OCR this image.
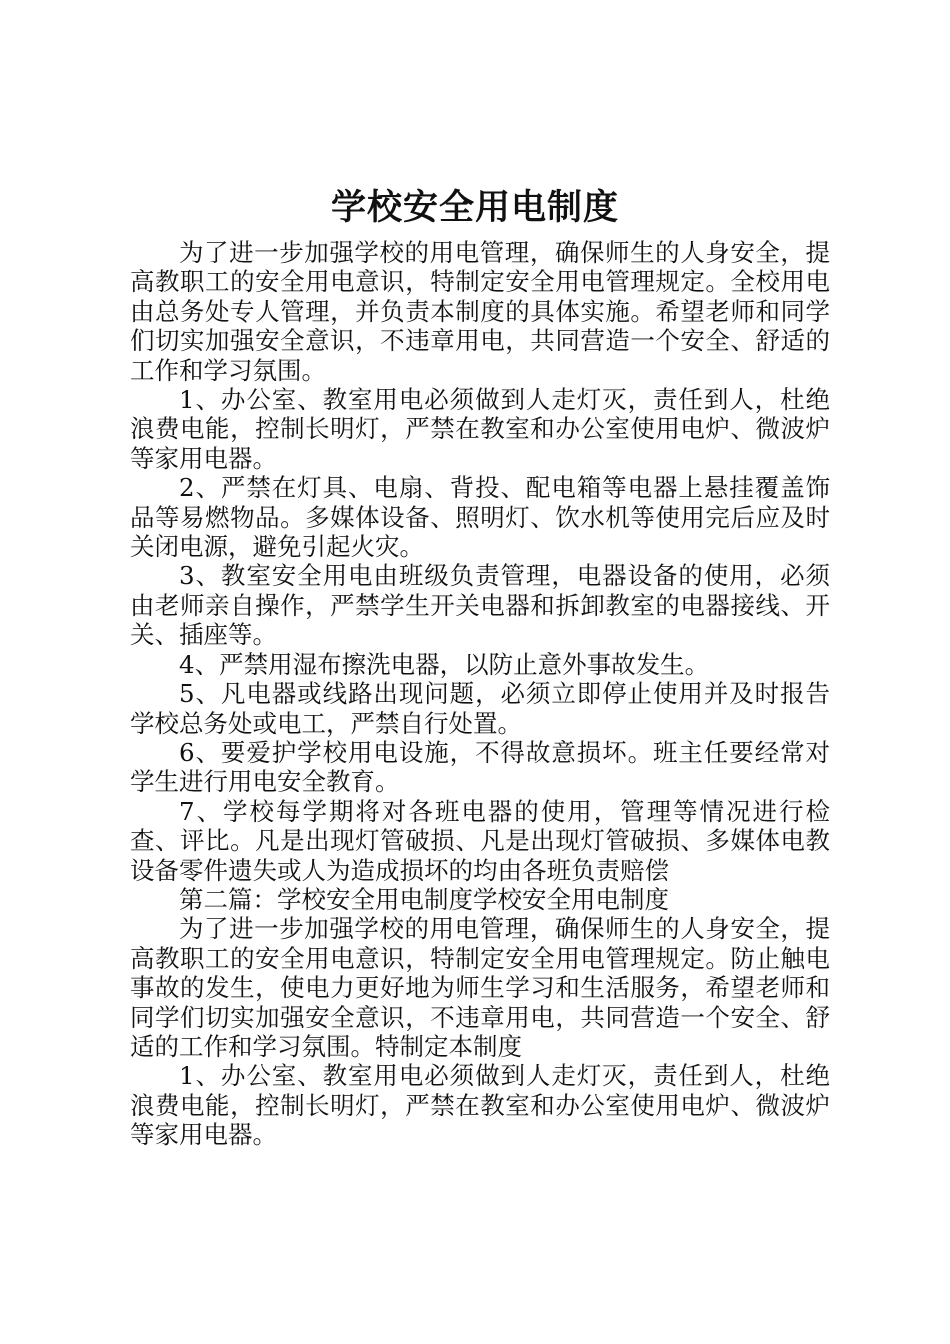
学校安全用电制度

为了进一步加强学校的用电管理，确保师生的人身安全，提高教职工的安全用电意识，特制定安全用电管理规定。全校用电由总务处专人管理，并负责本制度的具体实施。希望老师和同学们切实加强安全意识，不违章用电，共同营造一个安全、舒适的工作和学习氛围。

1、办公室、教室用电必须做到人走灯灭，责任到人，杜绝浪费电能，控制长明灯，严禁在教室和办公室使用电炉、微波炉等家用电器。

2、严禁在灯具、电扇、背投、配电箱等电器上悬挂覆盖饰品等易燃物品。多媒体设备、照明灯、饮水机等使用完后应及时关闭电源，避免引起火灾。

3、教室安全用电由班级负责管理，电器设备的使用，必须由老师亲自操作，严禁学生开关电器和拆卸教室的电器接线、开关、插座等。

4、严禁用湿布擦洗电器，以防止意外事故发生。

5、凡电器或线路出现问题，必须立即停止使用并及时报告学校总务处或电工，严禁自行处置。

6、要爱护学校用电设施，不得故意损坏。班主任要经常对学生进行用电安全教育。

7、学校每学期将对各班电器的使用，管理等情况进行检查、评比。凡是出现灯管破损、凡是出现灯管破损、多媒体电教设备零件遗失或人为造成损坏的均由各班负责赔偿

第二篇：学校安全用电制度学校安全用电制度

为了进一步加强学校的用电管理，确保师生的人身安全，提高教职工的安全用电意识，特制定安全用电管理规定。防止触电事故的发生，使电力更好地为师生学习和生活服务，希望老师和同学们切实加强安全意识，不违章用电，共同营造一个安全、舒适的工作和学习氛围。特制定本制度

1、办公室、教室用电必须做到人走灯灭，责任到人，杜绝浪费电能，控制长明灯，严禁在教室和办公室使用电炉、微波炉等家用电器。
